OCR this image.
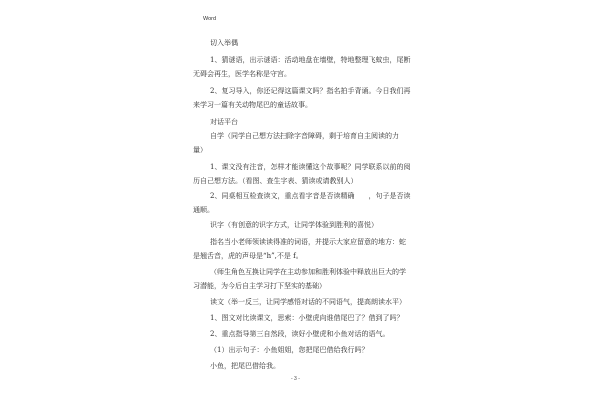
Word
切入举偶
1、猜谜语，出示谜语：活动地盘在墙壁，特地整理飞蚊虫，尾断
无碍会再生，医学名称是守宫。
2、复习导入，你还记得这篇课文吗？指名拍手背诵。今日我们再
来学习一篇有关动物尾巴的童话故事。
对话平台
自学（同学自己想方法扫除字音障碍，剩于培育自主阅读的力
量）
1、课文没有注音，怎样才能读懂这个故事呢？同学联系以前的阅
历自己想方法。（看图、查生字表、猜读或请教别人）
2、同桌相互检查读文，重点看字音是否读精确　　，句子是否读
通顺。
识字（有创意的识字方式，让同学体验到胜利的喜悦）
指名当小老师领读读得准的词语，并提示大家应留意的地方：蛇
是翘舌音，虎的声母是“h”,不是 f。
（师生角色互换让同学在主动参加和胜利体验中释放出巨大的学
习潜能，为今后自主学习打下坚实的基础）
读文（举一反三，让同学感悟对话的不同语气，提高朗读水平）
1、图文对比读课文，思索：小壁虎向谁借尾巴了？借到了吗？
2、重点指导第三自然段，读好小壁虎和小鱼对话的语气。
（1）出示句子：小鱼姐姐，您把尾巴借给我行吗？
小鱼，把尾巴借给我。
- 3 -
